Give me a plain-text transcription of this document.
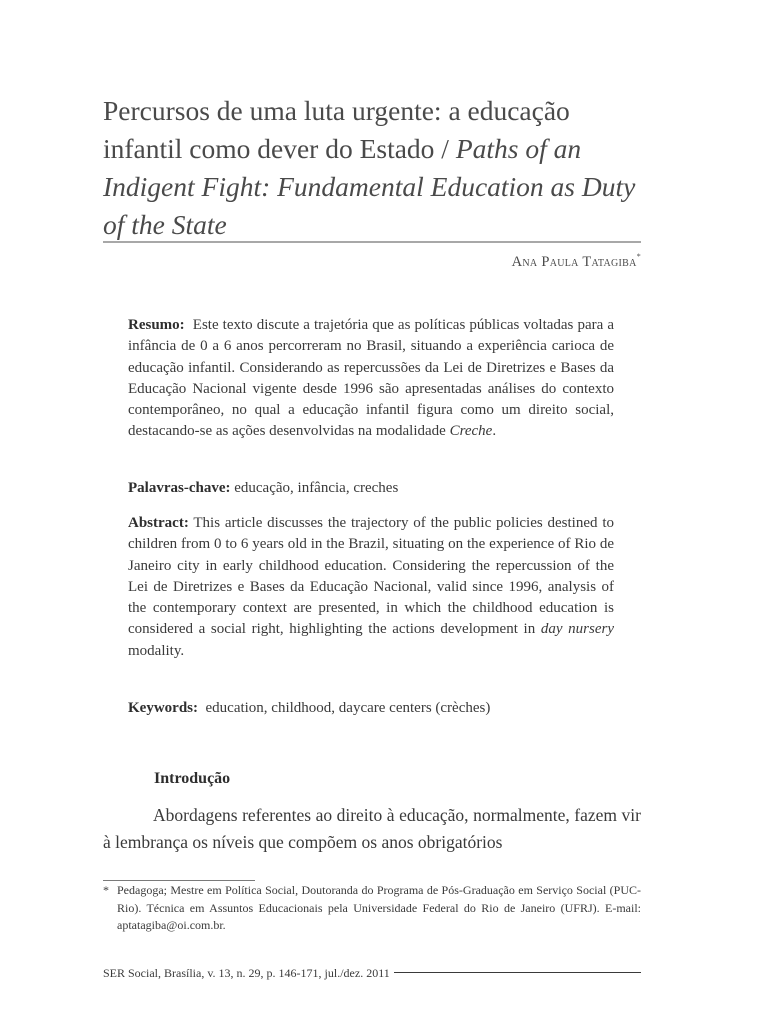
Percursos de uma luta urgente: a educação infantil como dever do Estado / Paths of an Indigent Fight: Fundamental Education as Duty of the State
Ana Paula Tatagiba*

Resumo: Este texto discute a trajetória que as políticas públicas voltadas para a infância de 0 a 6 anos percorreram no Brasil, situando a experiência carioca de educação infantil. Considerando as repercussões da Lei de Diretrizes e Bases da Educação Nacional vigente desde 1996 são apresentadas análises do contexto contemporâneo, no qual a educação infantil figura como um direito social, destacando-se as ações desenvolvidas na modalidade Creche.

Palavras-chave: educação, infância, creches

Abstract: This article discusses the trajectory of the public policies destined to children from 0 to 6 years old in the Brazil, situating on the experience of Rio de Janeiro city in early childhood education. Considering the repercussion of the Lei de Diretrizes e Bases da Educação Nacional, valid since 1996, analysis of the contemporary context are presented, in which the childhood education is considered a social right, highlighting the actions development in day nursery modality.

Keywords: education, childhood, daycare centers (crèches)

Introdução

Abordagens referentes ao direito à educação, normalmente, fazem vir à lembrança os níveis que compõem os anos obrigatórios

* Pedagoga; Mestre em Política Social, Doutoranda do Programa de Pós-Graduação em Serviço Social (PUC-Rio). Técnica em Assuntos Educacionais pela Universidade Federal do Rio de Janeiro (UFRJ). E-mail: aptatagiba@oi.com.br.

SER Social, Brasília, v. 13, n. 29, p. 146-171, jul./dez. 2011
